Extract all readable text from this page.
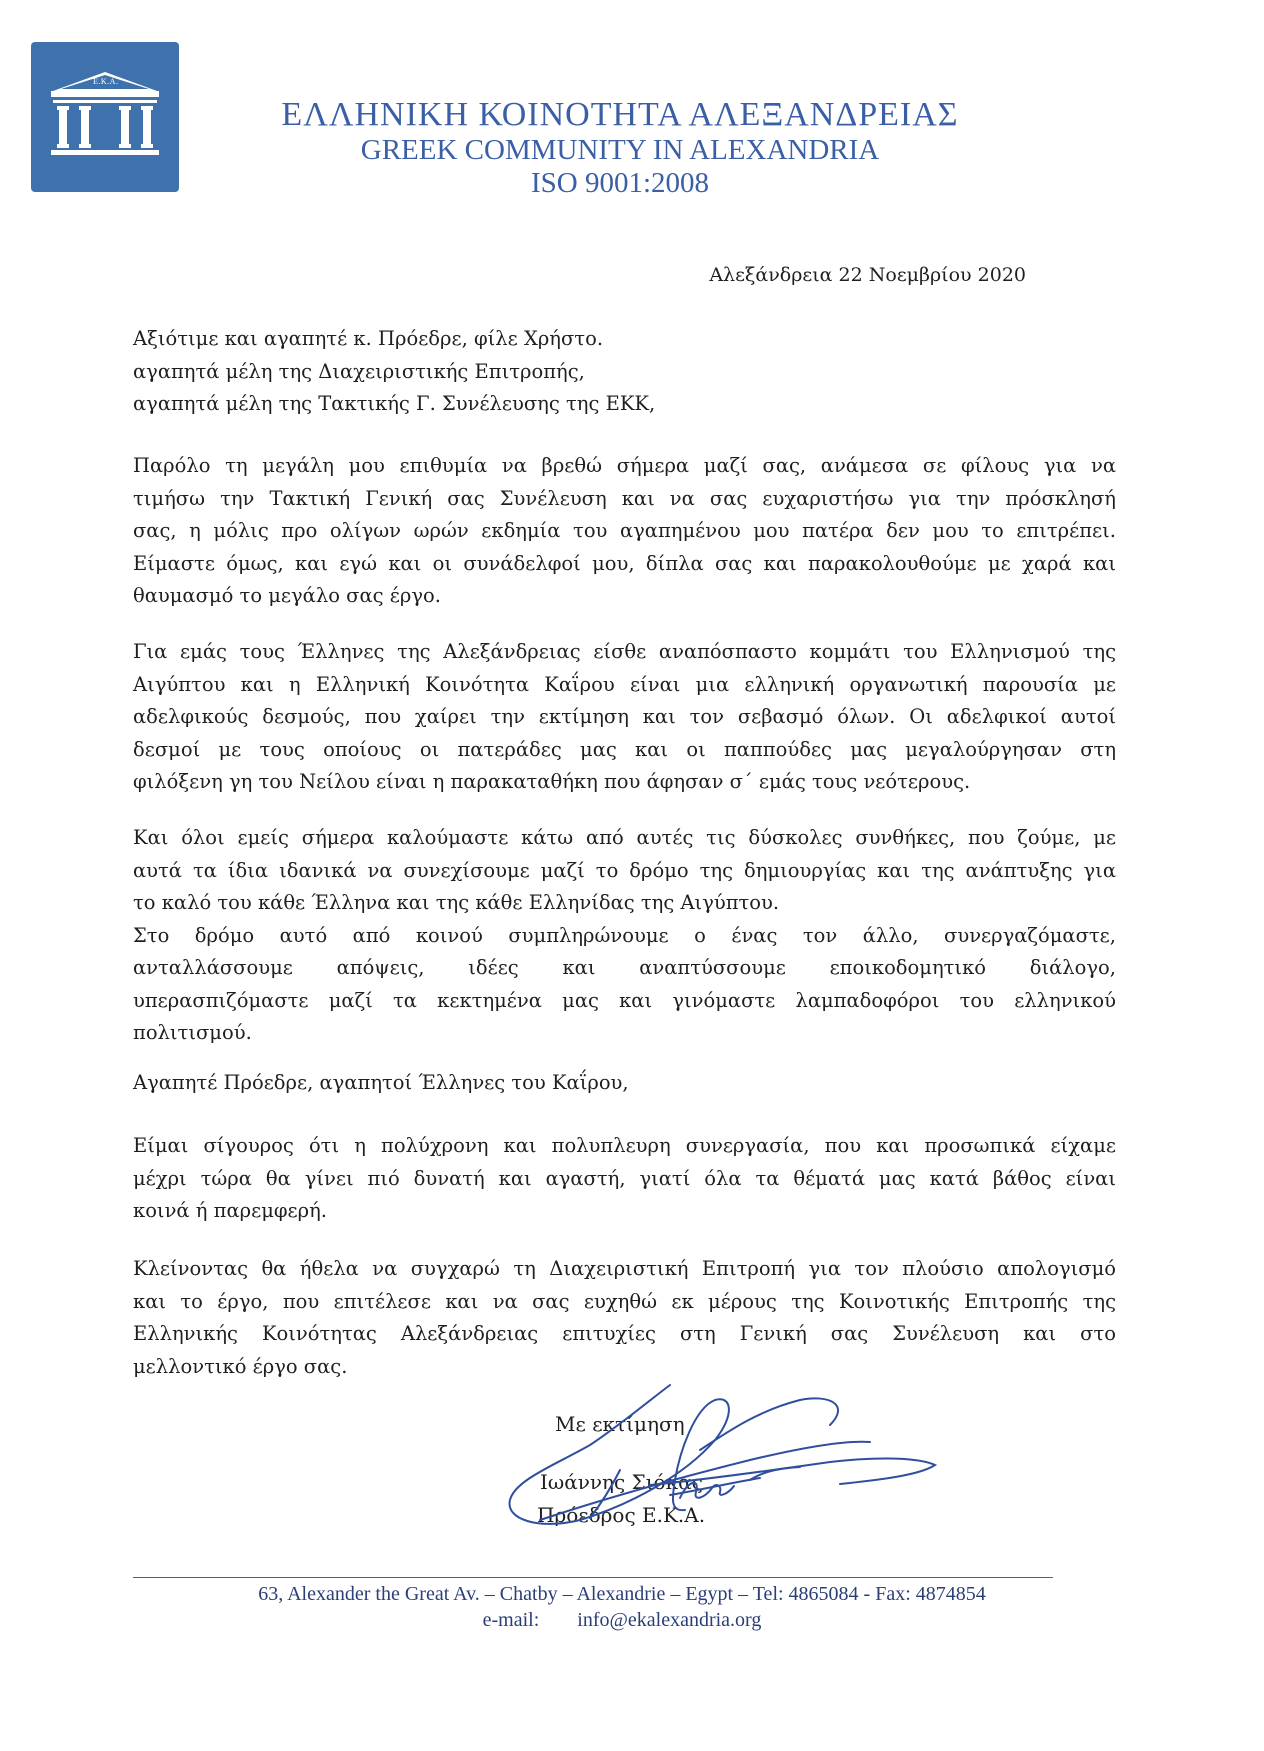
Ε.Κ.Α.
ΕΛΛΗΝΙΚΗ ΚΟΙΝΟΤΗΤΑ ΑΛΕΞΑΝΔΡΕΙΑΣ
GREEK COMMUNITY IN ALEXANDRIA
ISO 9001:2008
Αλεξάνδρεια 22 Νοεμβρίου 2020
Αξιότιμε και αγαπητέ κ. Πρόεδρε, φίλε Χρήστο.
αγαπητά μέλη της Διαχειριστικής Επιτροπής,
αγαπητά μέλη της Τακτικής Γ. Συνέλευσης της ΕΚΚ,
Παρόλο τη μεγάλη μου επιθυμία να βρεθώ σήμερα μαζί σας, ανάμεσα σε φίλους για να
τιμήσω την Τακτική Γενική σας Συνέλευση και να σας ευχαριστήσω για την πρόσκλησή
σας, η μόλις προ ολίγων ωρών εκδημία του αγαπημένου μου πατέρα δεν μου το επιτρέπει.
Είμαστε όμως, και εγώ και οι συνάδελφοί μου, δίπλα σας και παρακολουθούμε με χαρά και
θαυμασμό το μεγάλο σας έργο.
Για εμάς τους Έλληνες της Αλεξάνδρειας είσθε αναπόσπαστο κομμάτι του Ελληνισμού της
Αιγύπτου και η Ελληνική Κοινότητα Καΐρου είναι μια ελληνική οργανωτική παρουσία με
αδελφικούς δεσμούς, που χαίρει την εκτίμηση και τον σεβασμό όλων. Οι αδελφικοί αυτοί
δεσμοί με τους οποίους οι πατεράδες μας και οι παππούδες μας μεγαλούργησαν στη
φιλόξενη γη του Νείλου είναι η παρακαταθήκη που άφησαν σ΄ εμάς τους νεότερους.
Και όλοι εμείς σήμερα καλούμαστε κάτω από αυτές τις δύσκολες συνθήκες, που ζούμε, με
αυτά τα ίδια ιδανικά να συνεχίσουμε μαζί το δρόμο της δημιουργίας και της ανάπτυξης για
το καλό του κάθε Έλληνα και της κάθε Ελληνίδας της Αιγύπτου.
Στο δρόμο αυτό από κοινού συμπληρώνουμε ο ένας τον άλλο, συνεργαζόμαστε,
ανταλλάσσουμε απόψεις, ιδέες και αναπτύσσουμε εποικοδομητικό διάλογο,
υπερασπιζόμαστε μαζί τα κεκτημένα μας και γινόμαστε λαμπαδοφόροι του ελληνικού
πολιτισμού.
Αγαπητέ Πρόεδρε, αγαπητοί Έλληνες του Καΐρου,
Είμαι σίγουρος ότι η πολύχρονη και πολυπλευρη συνεργασία, που και προσωπικά είχαμε
μέχρι τώρα θα γίνει πιό δυνατή και αγαστή, γιατί όλα τα θέματά μας κατά βάθος είναι
κοινά ή παρεμφερή.
Κλείνοντας θα ήθελα να συγχαρώ τη Διαχειριστική Επιτροπή για τον πλούσιο απολογισμό
και το έργο, που επιτέλεσε και να σας ευχηθώ εκ μέρους της Κοινοτικής Επιτροπής της
Ελληνικής Κοινότητας Αλεξάνδρειας επιτυχίες στη Γενική σας Συνέλευση και στο
μελλοντικό έργο σας.
Με εκτίμηση
Ιωάννης Σιόκας
Πρόεδρος Ε.Κ.Α.
63, Alexander the Great Av. – Chatby – Alexandrie – Egypt – Tel: 4865084 - Fax: 4874854
e-mail: info@ekalexandria.org
